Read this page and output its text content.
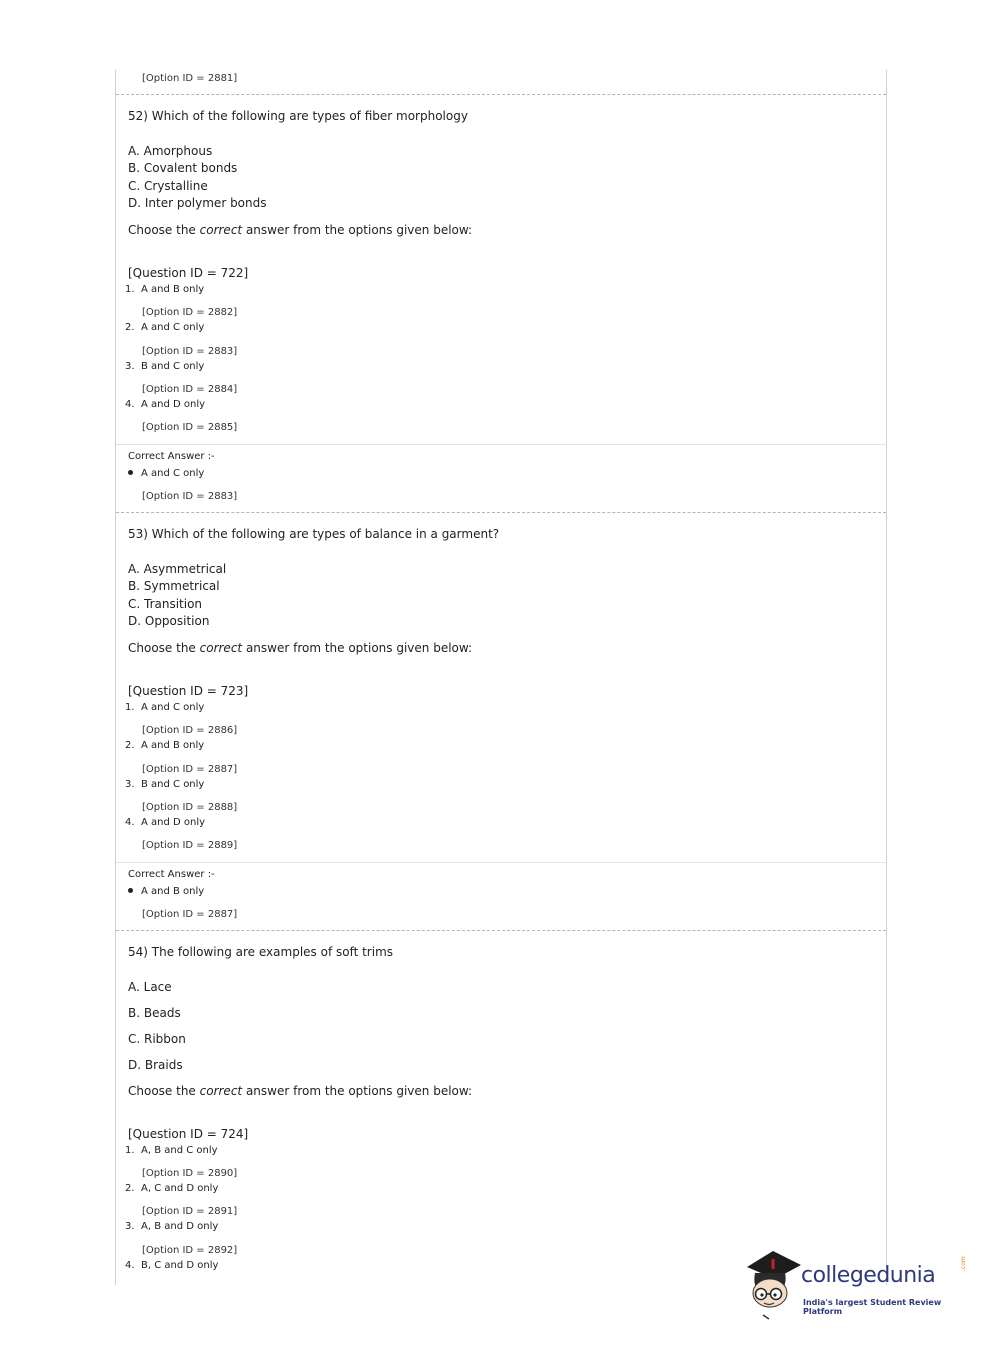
[Option ID = 2881]
52) Which of the following are types of fiber morphology
A. Amorphous
B. Covalent bonds
C. Crystalline
D. Inter polymer bonds
Choose the correct answer from the options given below:
[Question ID = 722]
1. A and B only
[Option ID = 2882]
2. A and C only
[Option ID = 2883]
3. B and C only
[Option ID = 2884]
4. A and D only
[Option ID = 2885]
Correct Answer :-
A and C only
[Option ID = 2883]
53) Which of the following are types of balance in a garment?
A. Asymmetrical
B. Symmetrical
C. Transition
D. Opposition
Choose the correct answer from the options given below:
[Question ID = 723]
1. A and C only
[Option ID = 2886]
2. A and B only
[Option ID = 2887]
3. B and C only
[Option ID = 2888]
4. A and D only
[Option ID = 2889]
Correct Answer :-
A and B only
[Option ID = 2887]
54) The following are examples of soft trims
A. Lace
B. Beads
C. Ribbon
D. Braids
Choose the correct answer from the options given below:
[Question ID = 724]
1. A, B and C only
[Option ID = 2890]
2. A, C and D only
[Option ID = 2891]
3. A, B and D only
[Option ID = 2892]
4. B, C and D only	collegedunia	.com
India's largest Student Review Platform
